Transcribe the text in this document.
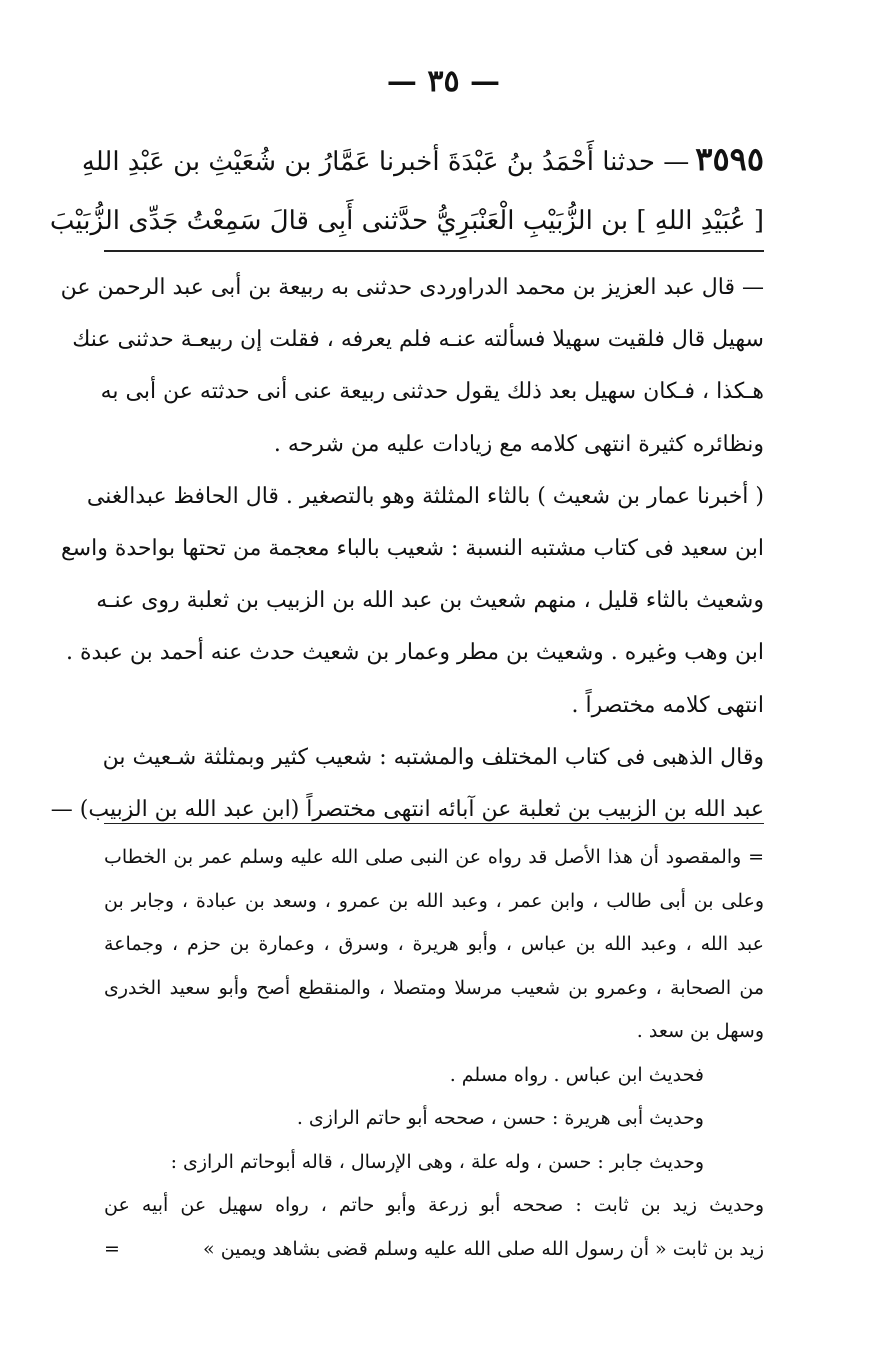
— ٣٥ —
٣٥٩٥— حدثنا أَحْمَدُ بنُ عَبْدَةَ أخبرنا عَمَّارُ بن شُعَيْثِ بن عَبْدِ اللهِ
[ عُبَيْدِ اللهِ ] بن الزُّبَيْبِ الْعَنْبَرِيُّ حدَّثنى أَبِى قالَ سَمِعْتُ جَدِّى الزُّبَيْبَ
— قال عبد العزيز بن محمد الدراوردى حدثنى به ربيعة بن أبى عبد الرحمن عن
سهيل قال فلقيت سهيلا فسألته عنـه فلم يعرفه ، فقلت إن ربيعـة حدثنى عنك
هـكذا ، فـكان سهيل بعد ذلك يقول حدثنى ربيعة عنى أنى حدثته عن أبى به
ونظائره كثيرة انتهى كلامه مع زيادات عليه من شرحه .
( أخبرنا عمار بن شعيث ) بالثاء المثلثة وهو بالتصغير . قال الحافظ عبدالغنى
ابن سعيد فى كتاب مشتبه النسبة : شعيب بالباء معجمة من تحتها بواحدة واسع
وشعيث بالثاء قليل ، منهم شعيث بن عبد الله بن الزبيب بن ثعلبة روى عنـه
ابن وهب وغيره . وشعيث بن مطر وعمار بن شعيث حدث عنه أحمد بن عبدة .
انتهى كلامه مختصراً .
وقال الذهبى فى كتاب المختلف والمشتبه : شعيب كثير وبمثلثة شـعيث بن
عبد الله بن الزبيب بن ثعلبة عن آبائه انتهى مختصراً (ابن عبد الله بن الزبيب) —
= والمقصود أن هذا الأصل قد رواه عن النبى صلى الله عليه وسلم عمر بن الخطاب
وعلى بن أبى طالب ، وابن عمر ، وعبد الله بن عمرو ، وسعد بن عبادة ، وجابر بن
عبد الله ، وعبد الله بن عباس ، وأبو هريرة ، وسرق ، وعمارة بن حزم ، وجماعة
من الصحابة ، وعمرو بن شعيب مرسلا ومتصلا ، والمنقطع أصح وأبو سعيد الخدرى
وسهل بن سعد .
فحديث ابن عباس . رواه مسلم .
وحديث أبى هريرة : حسن ، صححه أبو حاتم الرازى .
وحديث جابر : حسن ، وله علة ، وهى الإرسال ، قاله أبوحاتم الرازى :
وحديث زيد بن ثابت : صححه أبو زرعة وأبو حاتم ، رواه سهيل عن أبيه عن
زيد بن ثابت « أن رسول الله صلى الله عليه وسلم قضى بشاهد ويمين »
=
